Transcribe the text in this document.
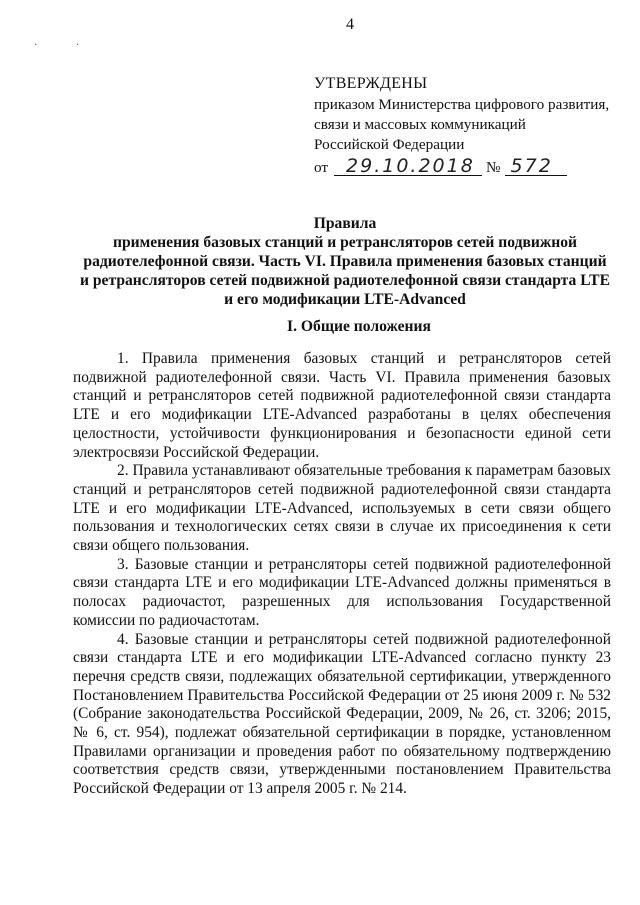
4
· ·
УТВЕРЖДЕНЫ
приказом Министерства цифрового развития,
связи и массовых коммуникаций
Российской Федерации
от 29.10.2018 № 572
Правила
применения базовых станций и ретрансляторов сетей подвижной
радиотелефонной связи. Часть VI. Правила применения базовых станций
и ретрансляторов сетей подвижной радиотелефонной связи стандарта LTE
и его модификации LTE-Advanced
I. Общие положения

1. Правила применения базовых станций и ретрансляторов сетей подвижной радиотелефонной связи. Часть VI. Правила применения базовых станций и ретрансляторов сетей подвижной радиотелефонной связи стандарта LTE и его модификации LTE-Advanced разработаны в целях обеспечения целостности, устойчивости функционирования и безопасности единой сети электросвязи Российской Федерации.

2. Правила устанавливают обязательные требования к параметрам базовых станций и ретрансляторов сетей подвижной радиотелефонной связи стандарта LTE и его модификации LTE-Advanced, используемых в сети связи общего пользования и технологических сетях связи в случае их присоединения к сети связи общего пользования.

3. Базовые станции и ретрансляторы сетей подвижной радиотелефонной связи стандарта LTE и его модификации LTE-Advanced должны применяться в полосах радиочастот, разрешенных для использования Государственной комиссии по радиочастотам.

4. Базовые станции и ретрансляторы сетей подвижной радиотелефонной связи стандарта LTE и его модификации LTE-Advanced согласно пункту 23 перечня средств связи, подлежащих обязательной сертификации, утвержденного Постановлением Правительства Российской Федерации от 25 июня 2009 г. № 532 (Собрание законодательства Российской Федерации, 2009, № 26, ст. 3206; 2015, № 6, ст. 954), подлежат обязательной сертификации в порядке, установленном Правилами организации и проведения работ по обязательному подтверждению соответствия средств связи, утвержденными постановлением Правительства Российской Федерации от 13 апреля 2005 г. № 214.
